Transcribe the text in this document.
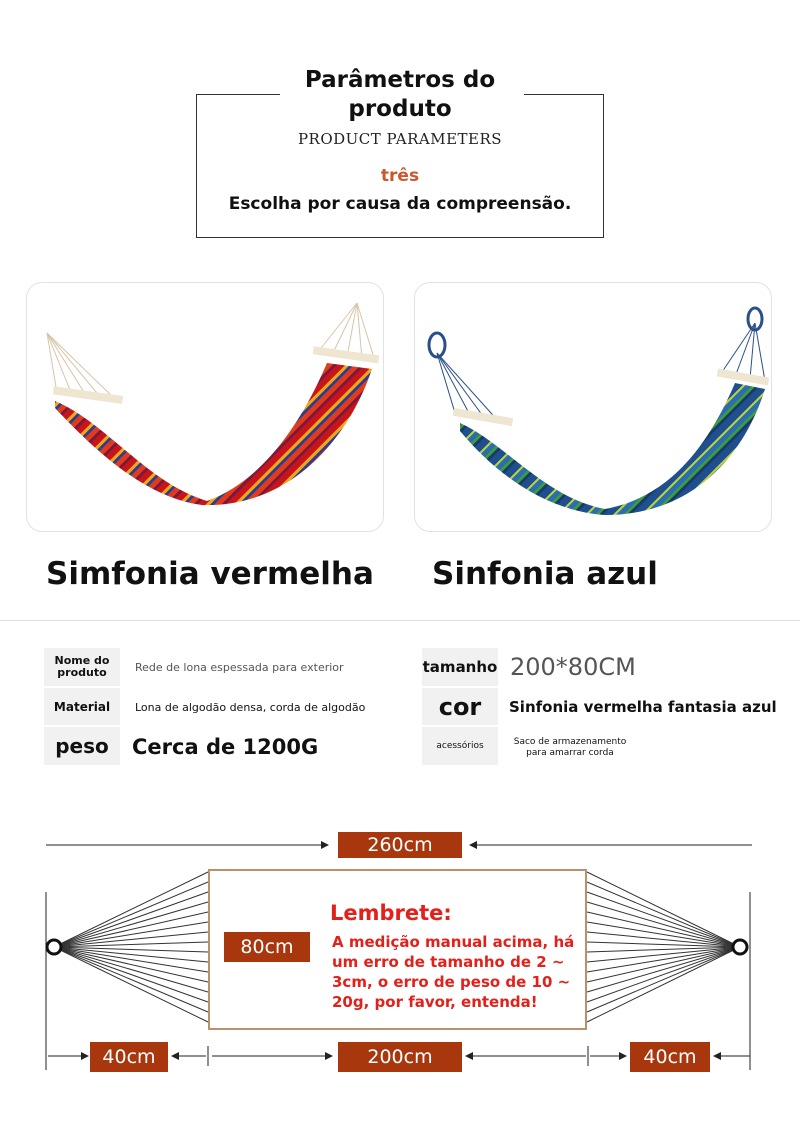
Parâmetros do produto
PRODUCT PARAMETERS
três
Escolha por causa da compreensão.
Simfonia vermelha Sinfonia azul
Nome do produto	Rede de lona espessada para exterior
Material	Lona de algodão densa, corda de algodão
peso	Cerca de 1200G
tamanho 200*80CM
cor	Sinfonia vermelha fantasia azul
acessórios	Saco de armazenamento
para amarrar corda
260cm
80cm
40cm	200cm	40cm
Lembrete:
A medição manual acima, há um erro de tamanho de 2 ~ 3cm, o erro de peso de 10 ~ 20g, por favor, entenda!
